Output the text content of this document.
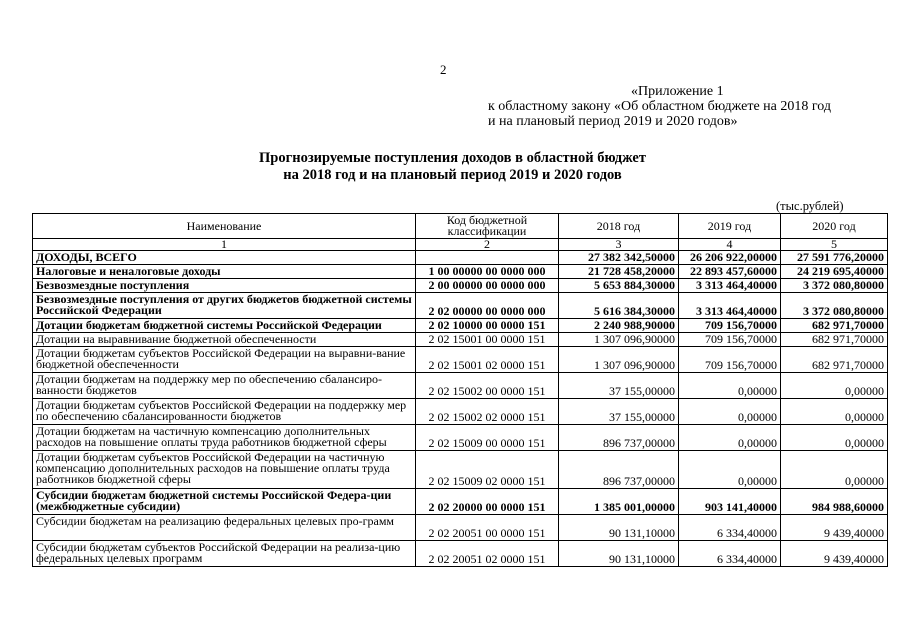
2
«Приложение 1
к областному закону «Об областном бюджете на 2018 год
и на плановый период 2019 и 2020 годов»
Прогнозируемые поступления доходов в областной бюджет
на 2018 год и на плановый период 2019 и 2020 годов
(тыс.рублей)
Наименование	Код бюджетной классификации	2018 год	2019 год	2020 год
1	2	3	4	5
ДОХОДЫ, ВСЕГО		27 382 342,50000	26 206 922,00000	27 591 776,20000
Налоговые и неналоговые доходы	1 00 00000 00 0000 000	21 728 458,20000	22 893 457,60000	24 219 695,40000
Безвозмездные поступления	2 00 00000 00 0000 000	5 653 884,30000	3 313 464,40000	3 372 080,80000
Безвозмездные поступления от других бюджетов бюджетной системы Российской Федерации	2 02 00000 00 0000 000	5 616 384,30000	3 313 464,40000	3 372 080,80000
Дотации бюджетам бюджетной системы Российской Федерации	2 02 10000 00 0000 151	2 240 988,90000	709 156,70000	682 971,70000
Дотации на выравнивание бюджетной обеспеченности	2 02 15001 00 0000 151	1 307 096,90000	709 156,70000	682 971,70000
Дотации бюджетам субъектов Российской Федерации на выравни-вание бюджетной обеспеченности	2 02 15001 02 0000 151	1 307 096,90000	709 156,70000	682 971,70000
Дотации бюджетам на поддержку мер по обеспечению сбалансиро-ванности бюджетов	2 02 15002 00 0000 151	37 155,00000	0,00000	0,00000
Дотации бюджетам субъектов Российской Федерации на поддержку мер по обеспечению сбалансированности бюджетов	2 02 15002 02 0000 151	37 155,00000	0,00000	0,00000
Дотации бюджетам на частичную компенсацию дополнительных расходов на повышение оплаты труда работников бюджетной сферы	2 02 15009 00 0000 151	896 737,00000	0,00000	0,00000
Дотации бюджетам субъектов Российской Федерации на частичную компенсацию дополнительных расходов на повышение оплаты труда работников бюджетной сферы	2 02 15009 02 0000 151	896 737,00000	0,00000	0,00000
Субсидии бюджетам бюджетной системы Российской Федера-ции (межбюджетные субсидии)	2 02 20000 00 0000 151	1 385 001,00000	903 141,40000	984 988,60000
Субсидии бюджетам на реализацию федеральных целевых про-грамм	2 02 20051 00 0000 151	90 131,10000	6 334,40000	9 439,40000
Субсидии бюджетам субъектов Российской Федерации на реализа-цию федеральных целевых программ	2 02 20051 02 0000 151	90 131,10000	6 334,40000	9 439,40000
